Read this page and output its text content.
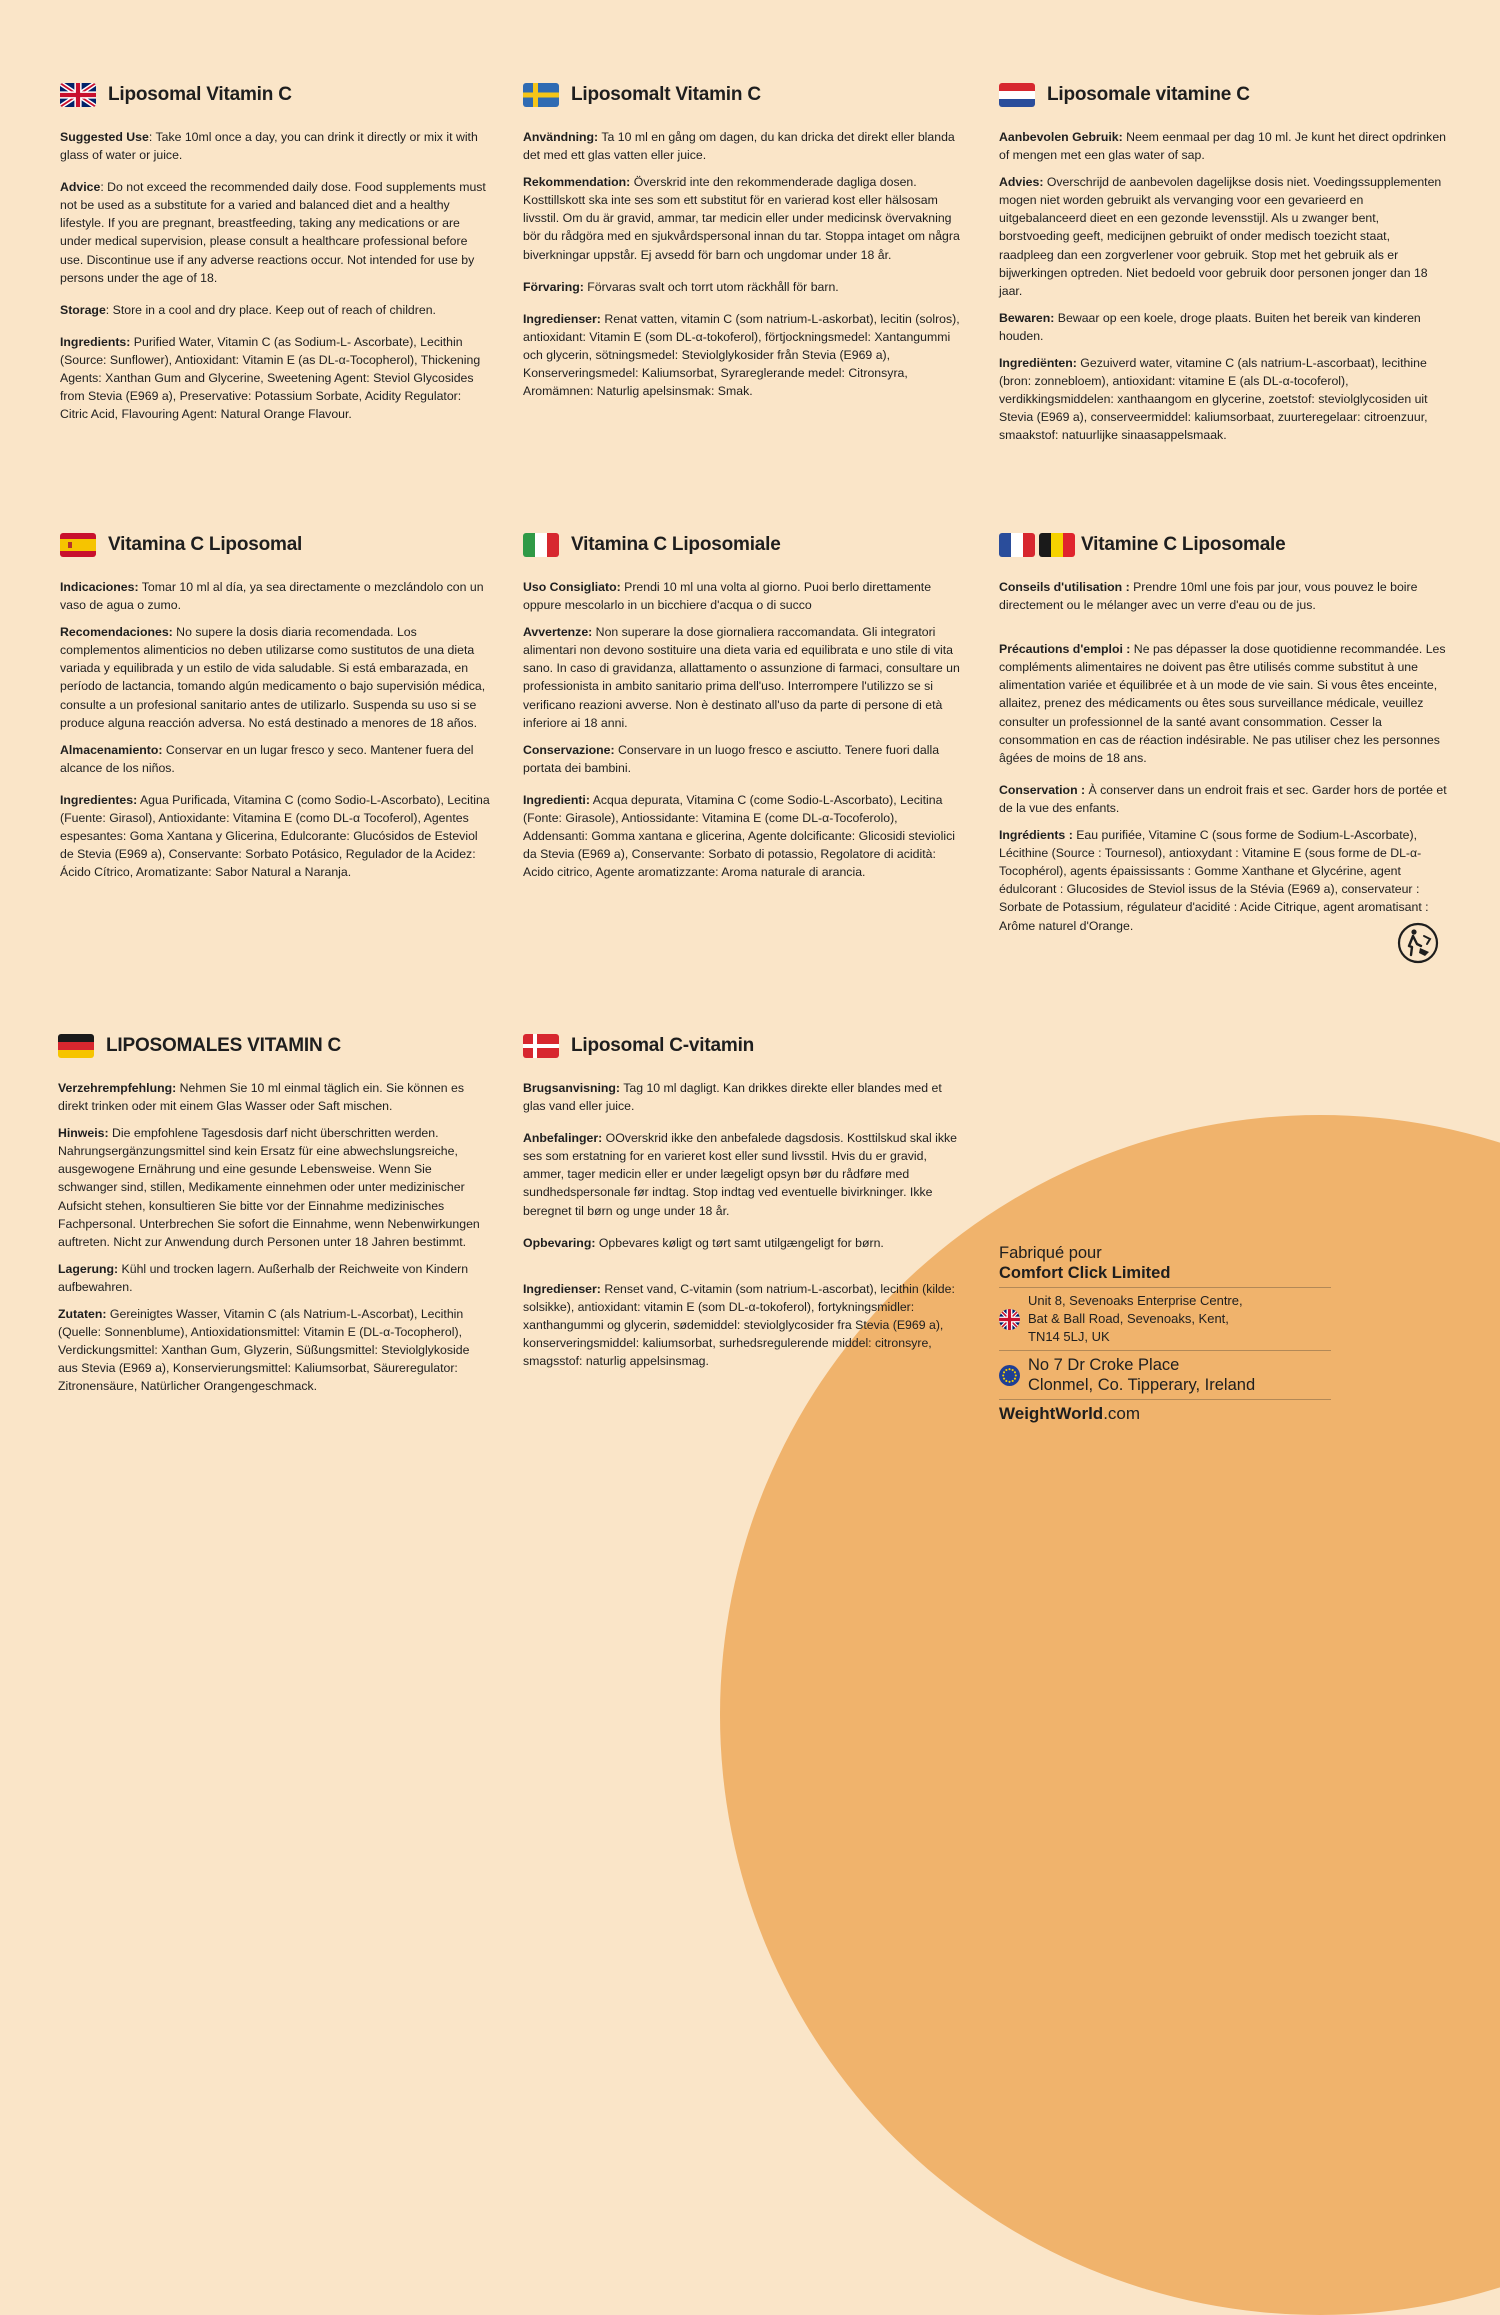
Liposomal Vitamin C

Suggested Use: Take 10ml once a day, you can drink it directly or mix it with glass of water or juice.

Advice: Do not exceed the recommended daily dose. Food supplements must not be used as a substitute for a varied and balanced diet and a healthy lifestyle. If you are pregnant, breastfeeding, taking any medications or are under medical supervision, please consult a healthcare professional before use. Discontinue use if any adverse reactions occur. Not intended for use by persons under the age of 18.

Storage: Store in a cool and dry place. Keep out of reach of children.

Ingredients: Purified Water, Vitamin C (as Sodium-L- Ascorbate), Lecithin (Source: Sunflower), Antioxidant: Vitamin E (as DL-α-Tocopherol), Thickening Agents: Xanthan Gum and Glycerine, Sweetening Agent: Steviol Glycosides from Stevia (E969 a), Preservative: Potassium Sorbate, Acidity Regulator: Citric Acid, Flavouring Agent: Natural Orange Flavour.

Liposomalt Vitamin C

Användning: Ta 10 ml en gång om dagen, du kan dricka det direkt eller blanda det med ett glas vatten eller juice.

Rekommendation: Överskrid inte den rekommenderade dagliga dosen. Kosttillskott ska inte ses som ett substitut för en varierad kost eller hälsosam livsstil. Om du är gravid, ammar, tar medicin eller under medicinsk övervakning bör du rådgöra med en sjukvårdspersonal innan du tar. Stoppa intaget om några biverkningar uppstår. Ej avsedd för barn och ungdomar under 18 år.

Förvaring: Förvaras svalt och torrt utom räckhåll för barn.

Ingredienser: Renat vatten, vitamin C (som natrium-L-askorbat), lecitin (solros), antioxidant: Vitamin E (som DL-α-tokoferol), förtjockningsmedel: Xantangummi och glycerin, sötningsmedel: Steviolglykosider från Stevia (E969 a), Konserveringsmedel: Kaliumsorbat, Syrareglerande medel: Citronsyra, Aromämnen: Naturlig apelsinsmak: Smak.

Liposomale vitamine C

Aanbevolen Gebruik: Neem eenmaal per dag 10 ml. Je kunt het direct opdrinken of mengen met een glas water of sap.

Advies: Overschrijd de aanbevolen dagelijkse dosis niet. Voedingssupplementen mogen niet worden gebruikt als vervanging voor een gevarieerd en uitgebalanceerd dieet en een gezonde levensstijl. Als u zwanger bent, borstvoeding geeft, medicijnen gebruikt of onder medisch toezicht staat, raadpleeg dan een zorgverlener voor gebruik. Stop met het gebruik als er bijwerkingen optreden. Niet bedoeld voor gebruik door personen jonger dan 18 jaar.

Bewaren: Bewaar op een koele, droge plaats. Buiten het bereik van kinderen houden.

Ingrediënten: Gezuiverd water, vitamine C (als natrium-L-ascorbaat), lecithine (bron: zonnebloem), antioxidant: vitamine E (als DL-α-tocoferol), verdikkingsmiddelen: xanthaangom en glycerine, zoetstof: steviolglycosiden uit Stevia (E969 a), conserveermiddel: kaliumsorbaat, zuurteregelaar: citroenzuur, smaakstof: natuurlijke sinaasappelsmaak.

Vitamina C Liposomal

Indicaciones: Tomar 10 ml al día, ya sea directamente o mezclándolo con un vaso de agua o zumo.

Recomendaciones: No supere la dosis diaria recomendada. Los complementos alimenticios no deben utilizarse como sustitutos de una dieta variada y equilibrada y un estilo de vida saludable. Si está embarazada, en período de lactancia, tomando algún medicamento o bajo supervisión médica, consulte a un profesional sanitario antes de utilizarlo. Suspenda su uso si se produce alguna reacción adversa. No está destinado a menores de 18 años.

Almacenamiento: Conservar en un lugar fresco y seco. Mantener fuera del alcance de los niños.

Ingredientes: Agua Purificada, Vitamina C (como Sodio-L-Ascorbato), Lecitina (Fuente: Girasol), Antioxidante: Vitamina E (como DL-α Tocoferol), Agentes espesantes: Goma Xantana y Glicerina, Edulcorante: Glucósidos de Esteviol de Stevia (E969 a), Conservante: Sorbato Potásico, Regulador de la Acidez: Ácido Cítrico, Aromatizante: Sabor Natural a Naranja.

Vitamina C Liposomiale

Uso Consigliato: Prendi 10 ml una volta al giorno. Puoi berlo direttamente oppure mescolarlo in un bicchiere d'acqua o di succo

Avvertenze: Non superare la dose giornaliera raccomandata. Gli integratori alimentari non devono sostituire una dieta varia ed equilibrata e uno stile di vita sano. In caso di gravidanza, allattamento o assunzione di farmaci, consultare un professionista in ambito sanitario prima dell'uso. Interrompere l'utilizzo se si verificano reazioni avverse. Non è destinato all'uso da parte di persone di età inferiore ai 18 anni.

Conservazione: Conservare in un luogo fresco e asciutto. Tenere fuori dalla portata dei bambini.

Ingredienti: Acqua depurata, Vitamina C (come Sodio-L-Ascorbato), Lecitina (Fonte: Girasole), Antiossidante: Vitamina E (come DL-α-Tocoferolo), Addensanti: Gomma xantana e glicerina, Agente dolcificante: Glicosidi steviolici da Stevia (E969 a), Conservante: Sorbato di potassio, Regolatore di acidità: Acido citrico, Agente aromatizzante: Aroma naturale di arancia.

Vitamine C Liposomale

Conseils d'utilisation : Prendre 10ml une fois par jour, vous pouvez le boire directement ou le mélanger avec un verre d'eau ou de jus.

Précautions d'emploi : Ne pas dépasser la dose quotidienne recommandée. Les compléments alimentaires ne doivent pas être utilisés comme substitut à une alimentation variée et équilibrée et à un mode de vie sain. Si vous êtes enceinte, allaitez, prenez des médicaments ou êtes sous surveillance médicale, veuillez consulter un professionnel de la santé avant consommation. Cesser la consommation en cas de réaction indésirable. Ne pas utiliser chez les personnes âgées de moins de 18 ans.

Conservation : À conserver dans un endroit frais et sec. Garder hors de portée et de la vue des enfants.

Ingrédients : Eau purifiée, Vitamine C (sous forme de Sodium-L-Ascorbate), Lécithine (Source : Tournesol), antioxydant : Vitamine E (sous forme de DL-α-Tocophérol), agents épaississants : Gomme Xanthane et Glycérine, agent édulcorant : Glucosides de Steviol issus de la Stévia (E969 a), conservateur : Sorbate de Potassium, régulateur d'acidité : Acide Citrique, agent aromatisant : Arôme naturel d'Orange.

LIPOSOMALES VITAMIN C

Verzehrempfehlung: Nehmen Sie 10 ml einmal täglich ein. Sie können es direkt trinken oder mit einem Glas Wasser oder Saft mischen.

Hinweis: Die empfohlene Tagesdosis darf nicht überschritten werden. Nahrungsergänzungsmittel sind kein Ersatz für eine abwechslungsreiche, ausgewogene Ernährung und eine gesunde Lebensweise. Wenn Sie schwanger sind, stillen, Medikamente einnehmen oder unter medizinischer Aufsicht stehen, konsultieren Sie bitte vor der Einnahme medizinisches Fachpersonal. Unterbrechen Sie sofort die Einnahme, wenn Nebenwirkungen auftreten. Nicht zur Anwendung durch Personen unter 18 Jahren bestimmt.

Lagerung: Kühl und trocken lagern. Außerhalb der Reichweite von Kindern aufbewahren.

Zutaten: Gereinigtes Wasser, Vitamin C (als Natrium-L-Ascorbat), Lecithin (Quelle: Sonnenblume), Antioxidationsmittel: Vitamin E (DL-α-Tocopherol), Verdickungsmittel: Xanthan Gum, Glyzerin, Süßungsmittel: Steviolglykoside aus Stevia (E969 a), Konservierungsmittel: Kaliumsorbat, Säureregulator: Zitronensäure, Natürlicher Orangengeschmack.

Liposomal C-vitamin

Brugsanvisning: Tag 10 ml dagligt. Kan drikkes direkte eller blandes med et glas vand eller juice.

Anbefalinger: OOverskrid ikke den anbefalede dagsdosis. Kosttilskud skal ikke ses som erstatning for en varieret kost eller sund livsstil. Hvis du er gravid, ammer, tager medicin eller er under lægeligt opsyn bør du rådføre med sundhedspersonale før indtag. Stop indtag ved eventuelle bivirkninger. Ikke beregnet til børn og unge under 18 år.

Opbevaring: Opbevares køligt og tørt samt utilgængeligt for børn.

Ingredienser: Renset vand, C-vitamin (som natrium-L-ascorbat), lecithin (kilde: solsikke), antioxidant: vitamin E (som DL-α-tokoferol), fortykningsmidler: xanthangummi og glycerin, sødemiddel: steviolglycosider fra Stevia (E969 a), konserveringsmiddel: kaliumsorbat, surhedsregulerende middel: citronsyre, smagsstof: naturlig appelsinsmag.

Fabriqué pour
Comfort Click Limited
Unit 8, Sevenoaks Enterprise Centre,
Bat & Ball Road, Sevenoaks, Kent,
TN14 5LJ, UK
No 7 Dr Croke Place
Clonmel, Co. Tipperary, Ireland
WeightWorld.com
